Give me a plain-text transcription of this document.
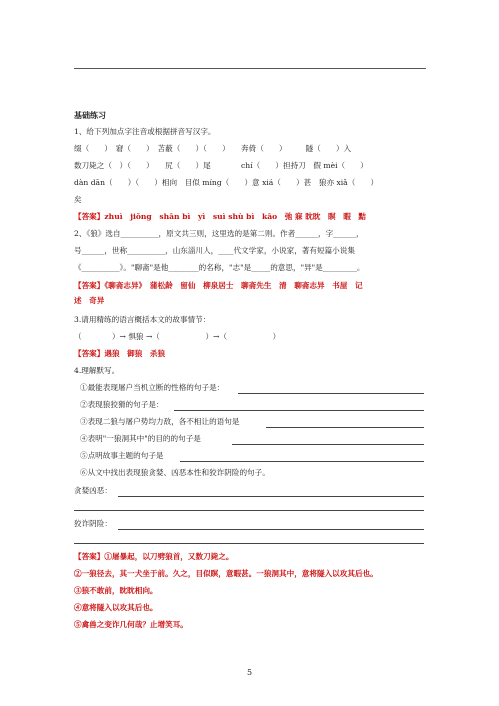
基础练习
1、给下列加点字注音或根据拼音写汉字。
缀（　　）　窘（　　）　苫蔽（　　）（　　）　　奔倚（　　）　　　隧（　　）入
数刀毙之（　）（　　）　　尻（　　）尾　　　　chí（　　）担持刀　假 mèi（　　）
dàn dān（　　）（　　）相向　目似 míng（　　）意 xiá（　　）甚　狼亦 xiǎ（　　）
矣
【答案】zhuì　jiǒng　shān bì　yì　suì shù bì　kāo　弛 寐 眈眈　瞑　暇　黠
2、《狼》选自__________，原文共三则，这里选的是第二则。作者______，字______，
号______，世称__________，山东淄川人，____代文学家，小说家，著有短篇小说集
《__________》。"聊斋"是他________的名称，"志"是_____的意思，"异"是_________。
【答案】《聊斋志异》　蒲松龄　留仙　柳泉居士　聊斋先生　清　聊斋志异　书屋　记
述　奇异
3.请用精练的语言概括本文的故事情节：
（　　　　）→ 惧狼 →（　　　　　　）→（　　　　　　）
【答案】遇狼　御狼　杀狼
4.理解默写。
①最能表现屠户当机立断的性格的句子是：
②表现狼狡猾的句子是：
③表现二狼与屠户势均力敌，各不相让的语句是
④表明"一狼洞其中"的目的的句子是
⑤点明故事主题的句子是
⑥从文中找出表现狼贪婪、凶恶本性和狡诈阴险的句子。
贪婪凶恶：
狡诈阴险：
【答案】①屠暴起，以刀劈狼首，又数刀毙之。
②一狼径去，其一犬坐于前。久之，目似瞑，意暇甚。一狼洞其中，意将隧入以攻其后也。
③狼不敢前，眈眈相向。
④意将隧入以攻其后也。
⑤禽兽之变诈几何哉？止增笑耳。
5
